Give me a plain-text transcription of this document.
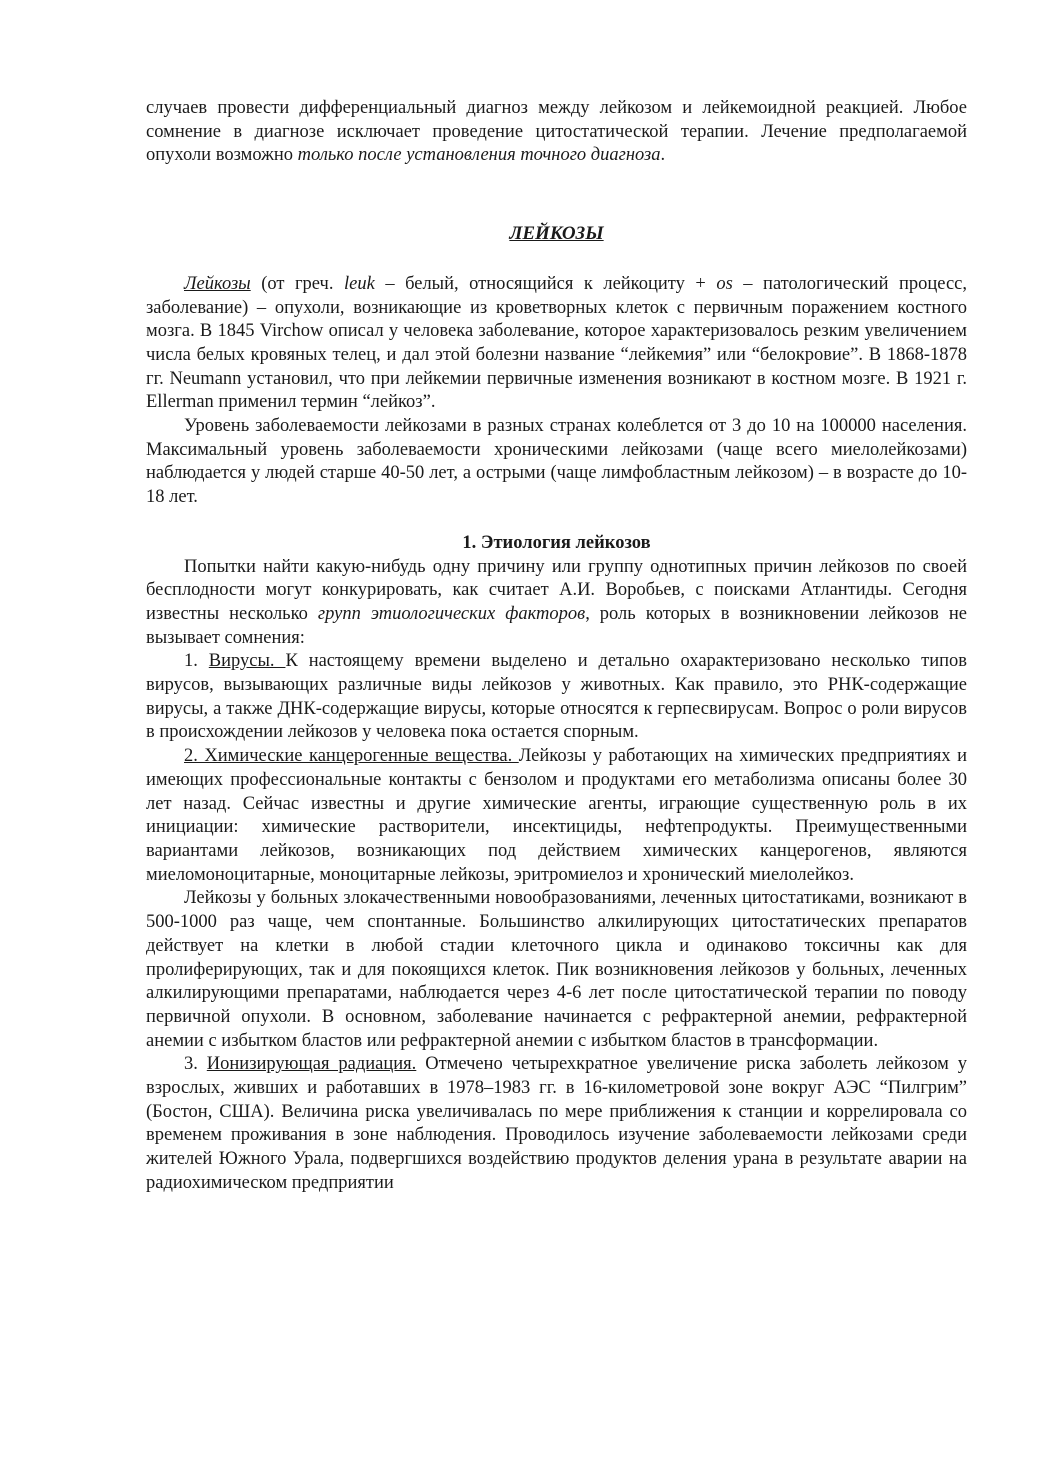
случаев провести дифференциальный диагноз между лейкозом и лейкемоидной реакцией. Любое сомнение в диагнозе исключает проведение цитостатической терапии. Лечение предполагаемой опухоли возможно только после установления точного диагноза.

ЛЕЙКОЗЫ

Лейкозы (от греч. leuk – белый, относящийся к лейкоциту + os – патологический процесс, заболевание) – опухоли, возникающие из кроветворных клеток с первичным поражением костного мозга. В 1845 Virchow описал у человека заболевание, которое характеризовалось резким увеличением числа белых кровяных телец, и дал этой болезни название “лейкемия” или “белокровие”. В 1868-1878 гг. Neumann установил, что при лейкемии первичные изменения возникают в костном мозге. В 1921 г. Ellerman применил термин “лейкоз”.

Уровень заболеваемости лейкозами в разных странах колеблется от 3 до 10 на 100000 населения. Максимальный уровень заболеваемости хроническими лейкозами (чаще всего миелолейкозами) наблюдается у людей старше 40-50 лет, а острыми (чаще лимфобластным лейкозом) – в возрасте до 10-18 лет.

1. Этиология лейкозов

Попытки найти какую-нибудь одну причину или группу однотипных причин лейкозов по своей бесплодности могут конкурировать, как считает А.И. Воробьев, с поисками Атлантиды. Сегодня известны несколько групп этиологических факторов, роль которых в возникновении лейкозов не вызывает сомнения:

1. Вирусы. К настоящему времени выделено и детально охарактеризовано несколько типов вирусов, вызывающих различные виды лейкозов у животных. Как правило, это РНК-содержащие вирусы, а также ДНК-содержащие вирусы, которые относятся к герпесвирусам. Вопрос о роли вирусов в происхождении лейкозов у человека пока остается спорным.

2. Химические канцерогенные вещества. Лейкозы у работающих на химических предприятиях и имеющих профессиональные контакты с бензолом и продуктами его метаболизма описаны более 30 лет назад. Сейчас известны и другие химические агенты, играющие существенную роль в их инициации: химические растворители, инсектициды, нефтепродукты. Преимущественными вариантами лейкозов, возникающих под действием химических канцерогенов, являются миеломоноцитарные, моноцитарные лейкозы, эритромиелоз и хронический миелолейкоз.

Лейкозы у больных злокачественными новообразованиями, леченных цитостатиками, возникают в 500-1000 раз чаще, чем спонтанные. Большинство алкилирующих цитостатических препаратов действует на клетки в любой стадии клеточного цикла и одинаково токсичны как для пролиферирующих, так и для покоящихся клеток. Пик возникновения лейкозов у больных, леченных алкилирующими препаратами, наблюдается через 4-6 лет после цитостатической терапии по поводу первичной опухоли. В основном, заболевание начинается с рефрактерной анемии, рефрактерной анемии с избытком бластов или рефрактерной анемии с избытком бластов в трансформации.

3. Ионизирующая радиация. Отмечено четырехкратное увеличение риска заболеть лейкозом у взрослых, живших и работавших в 1978–1983 гг. в 16-километровой зоне вокруг АЭС “Пилгрим” (Бостон, США). Величина риска увеличивалась по мере приближения к станции и коррелировала со временем проживания в зоне наблюдения. Проводилось изучение заболеваемости лейкозами среди жителей Южного Урала, подвергшихся воздействию продуктов деления урана в результате аварии на радиохимическом предприятии
